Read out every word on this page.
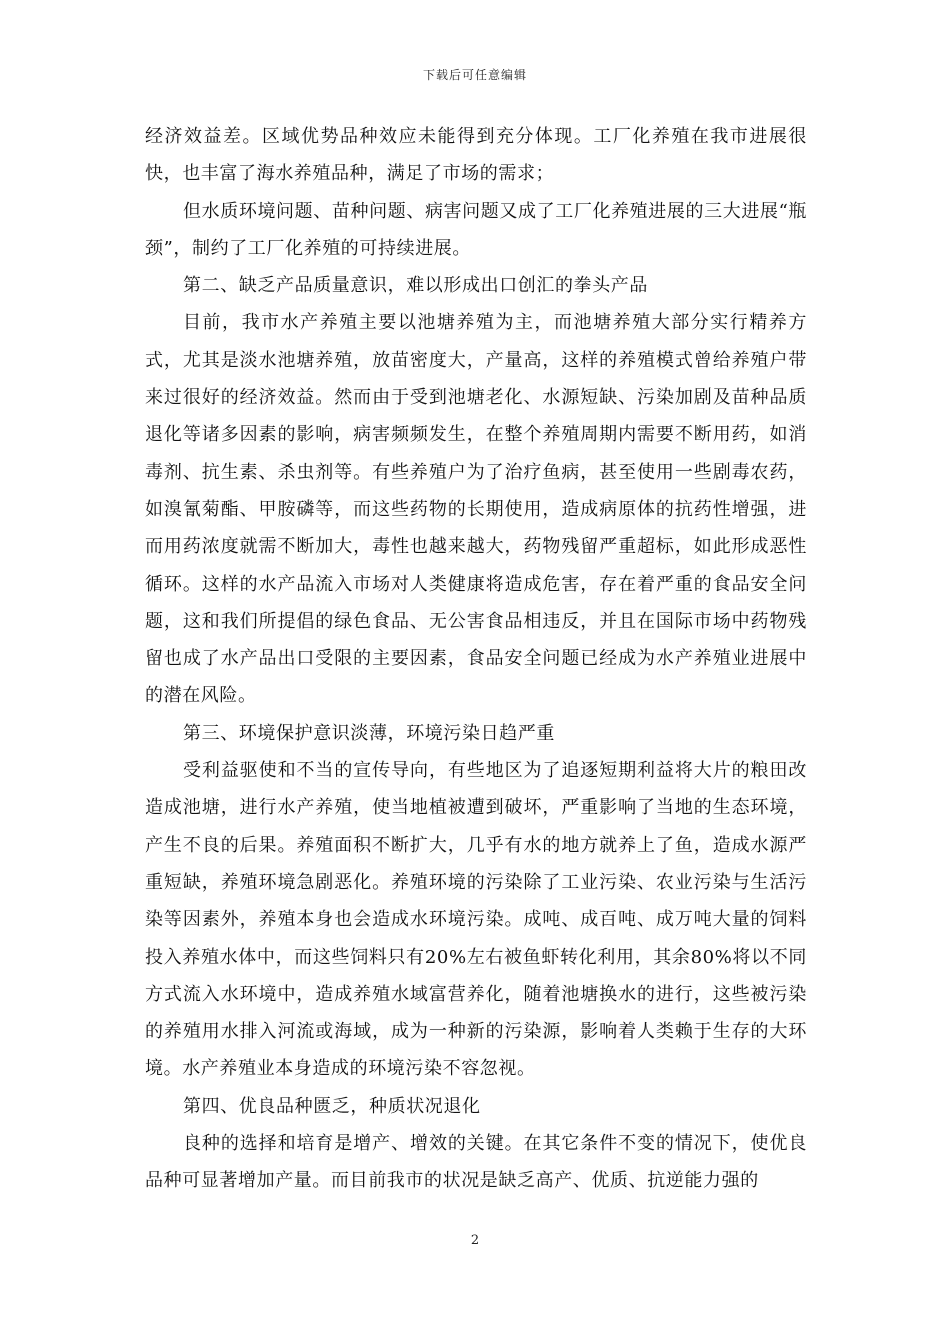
下载后可任意编辑

经济效益差。区域优势品种效应未能得到充分体现。工厂化养殖在我市进展很快，也丰富了海水养殖品种，满足了市场的需求；

但水质环境问题、苗种问题、病害问题又成了工厂化养殖进展的三大进展“瓶颈”，制约了工厂化养殖的可持续进展。

第二、缺乏产品质量意识，难以形成出口创汇的拳头产品

目前，我市水产养殖主要以池塘养殖为主，而池塘养殖大部分实行精养方式，尤其是淡水池塘养殖，放苗密度大，产量高，这样的养殖模式曾给养殖户带来过很好的经济效益。然而由于受到池塘老化、水源短缺、污染加剧及苗种品质退化等诸多因素的影响，病害频频发生，在整个养殖周期内需要不断用药，如消毒剂、抗生素、杀虫剂等。有些养殖户为了治疗鱼病，甚至使用一些剧毒农药，如溴氰菊酯、甲胺磷等，而这些药物的长期使用，造成病原体的抗药性增强，进而用药浓度就需不断加大，毒性也越来越大，药物残留严重超标，如此形成恶性循环。这样的水产品流入市场对人类健康将造成危害，存在着严重的食品安全问题，这和我们所提倡的绿色食品、无公害食品相违反，并且在国际市场中药物残留也成了水产品出口受限的主要因素，食品安全问题已经成为水产养殖业进展中的潜在风险。

第三、环境保护意识淡薄，环境污染日趋严重

受利益驱使和不当的宣传导向，有些地区为了追逐短期利益将大片的粮田改造成池塘，进行水产养殖，使当地植被遭到破坏，严重影响了当地的生态环境，产生不良的后果。养殖面积不断扩大，几乎有水的地方就养上了鱼，造成水源严重短缺，养殖环境急剧恶化。养殖环境的污染除了工业污染、农业污染与生活污染等因素外，养殖本身也会造成水环境污染。成吨、成百吨、成万吨大量的饲料投入养殖水体中，而这些饲料只有20%左右被鱼虾转化利用，其余80%将以不同方式流入水环境中，造成养殖水域富营养化，随着池塘换水的进行，这些被污染的养殖用水排入河流或海域，成为一种新的污染源，影响着人类赖于生存的大环境。水产养殖业本身造成的环境污染不容忽视。

第四、优良品种匮乏，种质状况退化

良种的选择和培育是增产、增效的关键。在其它条件不变的情况下，使优良品种可显著增加产量。而目前我市的状况是缺乏高产、优质、抗逆能力强的

2
